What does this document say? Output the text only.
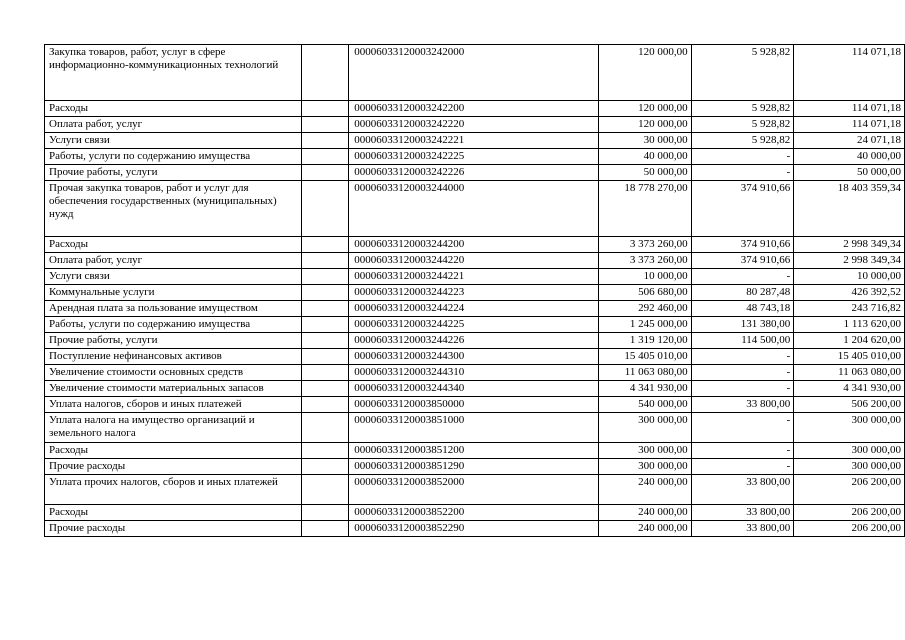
Закупка товаров, работ, услуг в сфере информационно-коммуникационных технологий		00006033120003242000	120 000,00	5 928,82	114 071,18
Расходы		00006033120003242200	120 000,00	5 928,82	114 071,18
Оплата работ, услуг		00006033120003242220	120 000,00	5 928,82	114 071,18
Услуги связи		00006033120003242221	30 000,00	5 928,82	24 071,18
Работы, услуги по содержанию имущества		00006033120003242225	40 000,00	-	40 000,00
Прочие работы, услуги		00006033120003242226	50 000,00	-	50 000,00
Прочая закупка товаров, работ и услуг для обеспечения государственных (муниципальных) нужд		00006033120003244000	18 778 270,00	374 910,66	18 403 359,34
Расходы		00006033120003244200	3 373 260,00	374 910,66	2 998 349,34
Оплата работ, услуг		00006033120003244220	3 373 260,00	374 910,66	2 998 349,34
Услуги связи		00006033120003244221	10 000,00	-	10 000,00
Коммунальные услуги		00006033120003244223	506 680,00	80 287,48	426 392,52
Арендная плата за пользование имуществом		00006033120003244224	292 460,00	48 743,18	243 716,82
Работы, услуги по содержанию имущества		00006033120003244225	1 245 000,00	131 380,00	1 113 620,00
Прочие работы, услуги		00006033120003244226	1 319 120,00	114 500,00	1 204 620,00
Поступление нефинансовых активов		00006033120003244300	15 405 010,00	-	15 405 010,00
Увеличение стоимости основных средств		00006033120003244310	11 063 080,00	-	11 063 080,00
Увеличение стоимости материальных запасов		00006033120003244340	4 341 930,00	-	4 341 930,00
Уплата налогов, сборов и иных платежей		00006033120003850000	540 000,00	33 800,00	506 200,00
Уплата налога на имущество организаций и земельного налога		00006033120003851000	300 000,00	-	300 000,00
Расходы		00006033120003851200	300 000,00	-	300 000,00
Прочие расходы		00006033120003851290	300 000,00	-	300 000,00
Уплата прочих налогов, сборов и иных платежей		00006033120003852000	240 000,00	33 800,00	206 200,00
Расходы		00006033120003852200	240 000,00	33 800,00	206 200,00
Прочие расходы		00006033120003852290	240 000,00	33 800,00	206 200,00
